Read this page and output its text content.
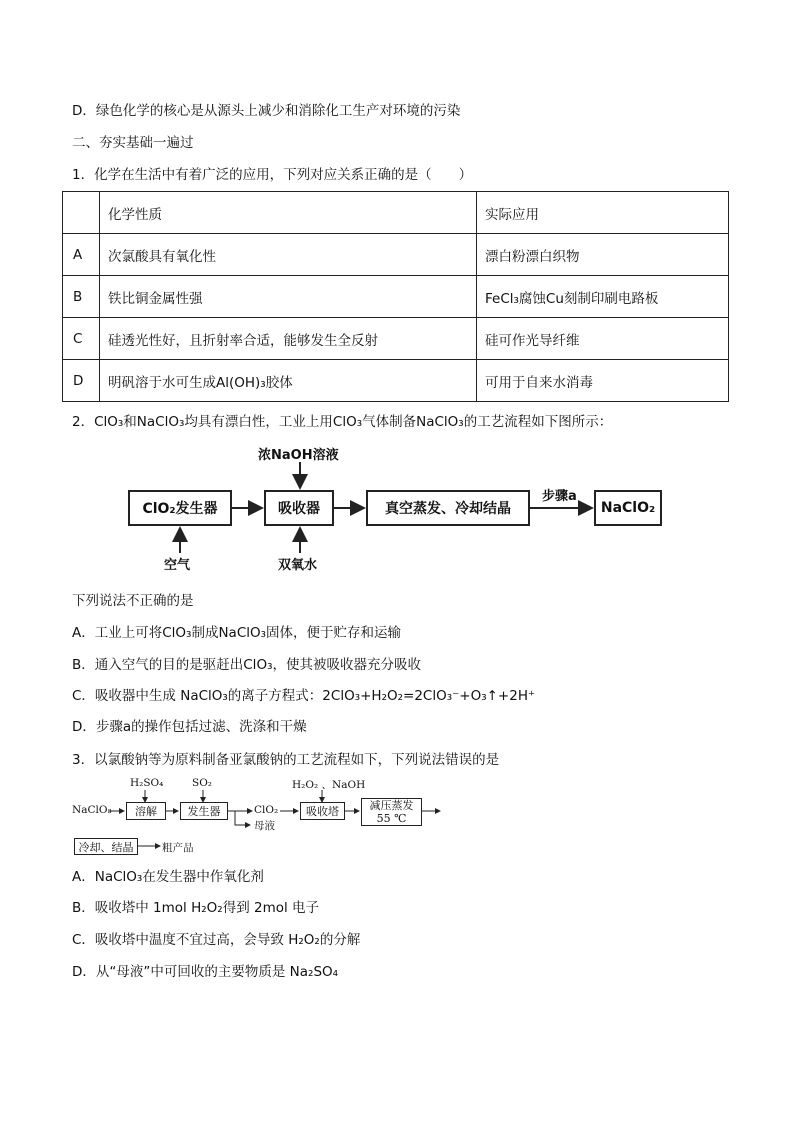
D．绿色化学的核心是从源头上减少和消除化工生产对环境的污染
二、夯实基础一遍过
1．化学在生活中有着广泛的应用，下列对应关系正确的是（　　）
	化学性质	实际应用
A	次氯酸具有氧化性	漂白粉漂白织物
B	铁比铜金属性强	FeCl₃腐蚀Cu刻制印刷电路板
C	硅透光性好，且折射率合适，能够发生全反射	硅可作光导纤维
D	明矾溶于水可生成Al(OH)₃胶体	可用于自来水消毒
2．ClO₃和NaClO₃均具有漂白性，工业上用ClO₃气体制备NaClO₃的工艺流程如下图所示：
ClO₂发生器	吸收器	真空蒸发、冷却结晶	NaClO₂
浓NaOH溶液
空气	双氧水
步骤a
下列说法不正确的是
A．工业上可将ClO₃制成NaClO₃固体，便于贮存和运输
B．通入空气的目的是驱赶出ClO₃，使其被吸收器充分吸收
C．吸收器中生成 NaClO₃的离子方程式：2ClO₃+H₂O₂=2ClO₃⁻+O₃↑+2H⁺
D．步骤a的操作包括过滤、洗涤和干燥
3．以氯酸钠等为原料制备亚氯酸钠的工艺流程如下，下列说法错误的是
NaClO₃	溶解	发生器	吸收塔	减压蒸发
55 ℃
冷却、结晶
H₂SO₄	SO₂
ClO₂
母液
H₂O₂ 、NaOH
粗产品
A．NaClO₃在发生器中作氧化剂
B．吸收塔中 1mol H₂O₂得到 2mol 电子
C．吸收塔中温度不宜过高，会导致 H₂O₂的分解
D．从“母液”中可回收的主要物质是 Na₂SO₄
